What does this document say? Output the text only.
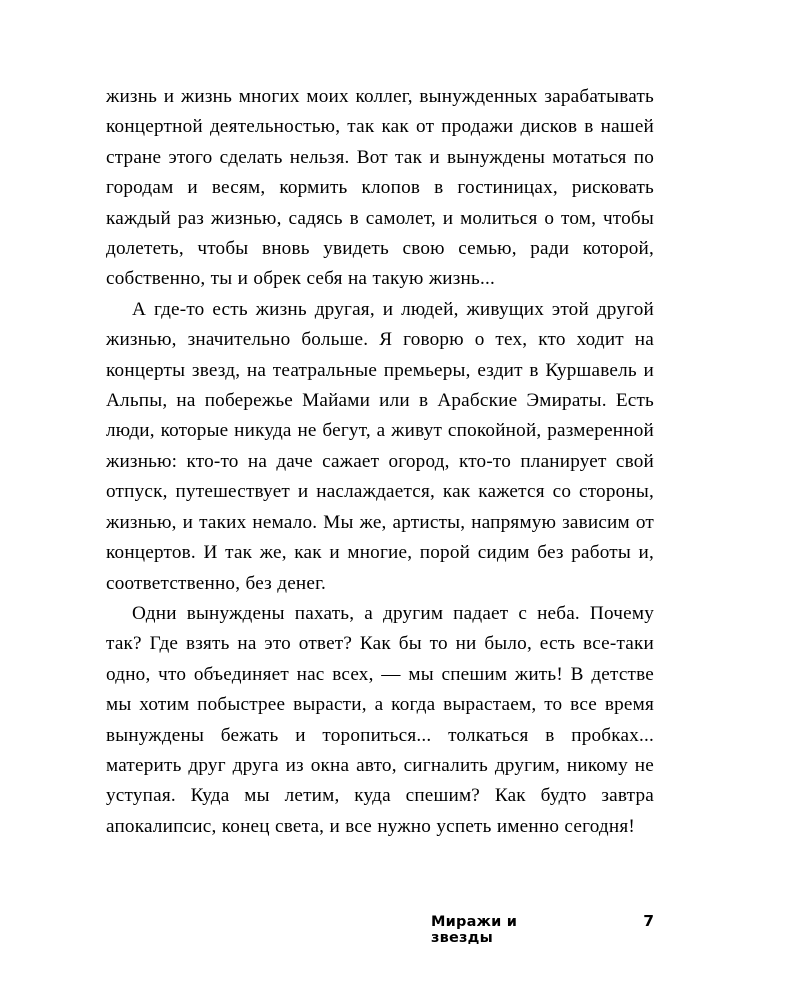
жизнь и жизнь многих моих коллег, вынужденных зарабатывать концертной деятельностью, так как от продажи дисков в нашей стране этого сделать нельзя. Вот так и вынуждены мотаться по городам и весям, кормить клопов в гостиницах, рисковать каждый раз жизнью, садясь в самолет, и молиться о том, чтобы долететь, чтобы вновь увидеть свою семью, ради которой, собственно, ты и обрек себя на такую жизнь...

А где-то есть жизнь другая, и людей, живущих этой другой жизнью, значительно больше. Я говорю о тех, кто ходит на концерты звезд, на театральные премьеры, ездит в Куршавель и Альпы, на побережье Майами или в Арабские Эмираты. Есть люди, которые никуда не бегут, а живут спокойной, размеренной жизнью: кто-то на даче сажает огород, кто-то планирует свой отпуск, путешествует и наслаждается, как кажется со стороны, жизнью, и таких немало. Мы же, артисты, напрямую зависим от концертов. И так же, как и многие, порой сидим без работы и, соответственно, без денег.

Одни вынуждены пахать, а другим падает с неба. Почему так? Где взять на это ответ? Как бы то ни было, есть все-таки одно, что объединяет нас всех, — мы спешим жить! В детстве мы хотим побыстрее вырасти, а когда вырастаем, то все время вынуждены бежать и торопиться... толкаться в пробках... материть друг друга из окна авто, сигналить другим, никому не уступая. Куда мы летим, куда спешим? Как будто завтра апокалипсис, конец света, и все нужно успеть именно сегодня!

Миражи и звезды
7
